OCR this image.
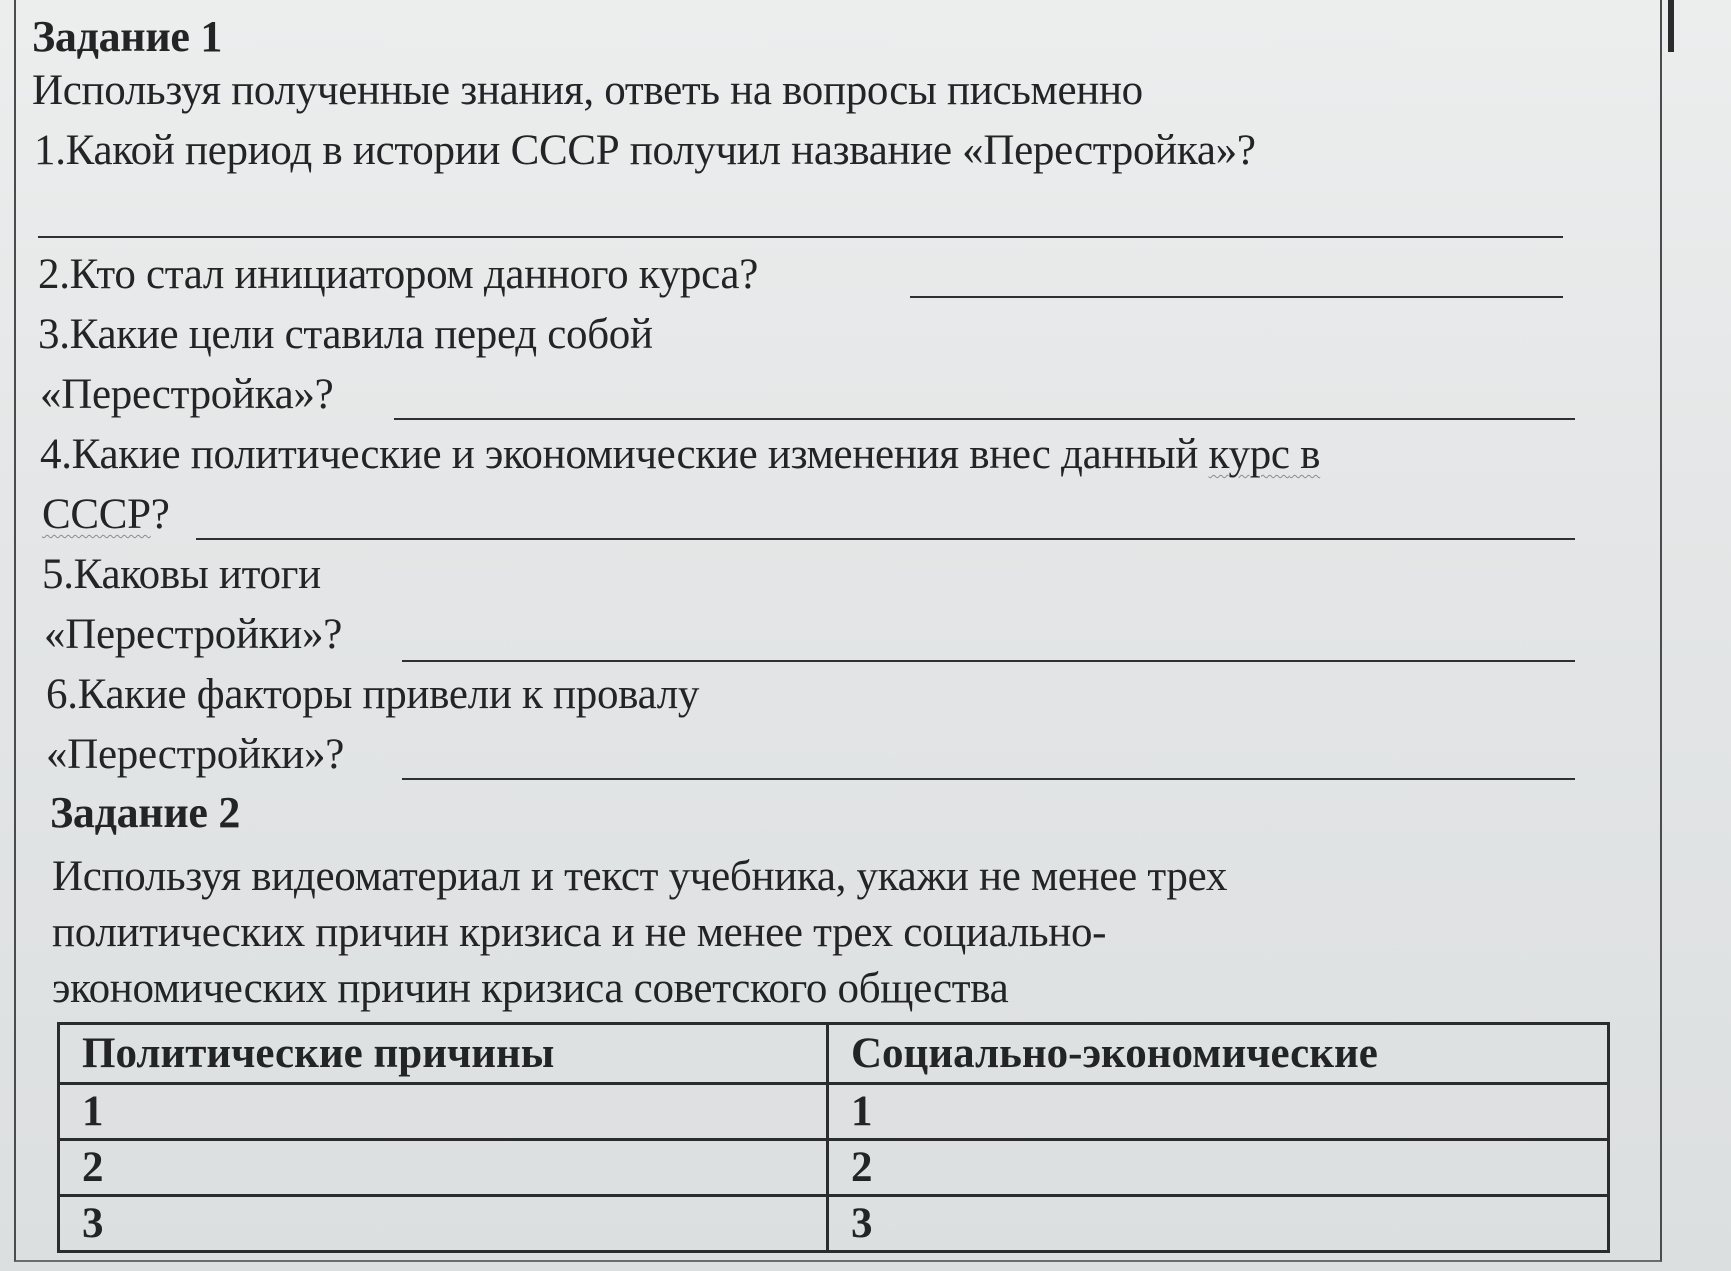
Задание 1
Используя полученные знания, ответь на вопросы письменно
1.Какой период в истории СССР получил название «Перестройка»?
2.Кто стал инициатором данного курса?
3.Какие цели ставила перед собой
«Перестройка»?
4.Какие политические и экономические изменения внес данный курс в
СССР?
5.Каковы итоги
«Перестройки»?
6.Какие факторы привели к провалу
«Перестройки»?
Задание 2
Используя видеоматериал и текст учебника, укажи не менее трех
политических причин кризиса и не менее трех социально-
экономических причин кризиса советского общества
Политические причины	Социально-экономические
1	1
2	2
3	3
